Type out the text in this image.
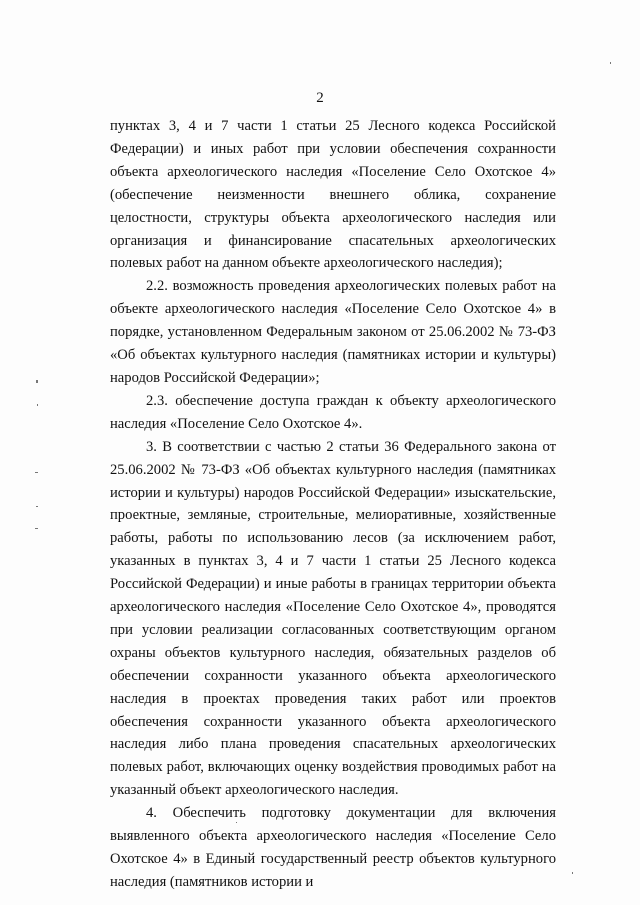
2

пунктах 3, 4 и 7 части 1 статьи 25 Лесного кодекса Российской Федерации) и иных работ при условии обеспечения сохранности объекта археологического наследия «Поселение Село Охотское 4» (обеспечение неизменности внешнего облика, сохранение целостности, структуры объекта археологического наследия или организация и финансирование спасательных археологических полевых работ на данном объекте археологического наследия);

2.2. возможность проведения археологических полевых работ на объекте археологического наследия «Поселение Село Охотское 4» в порядке, установленном Федеральным законом от 25.06.2002 № 73-ФЗ «Об объектах культурного наследия (памятниках истории и культуры) народов Российской Федерации»;

2.3. обеспечение доступа граждан к объекту археологического наследия «Поселение Село Охотское 4».

3. В соответствии с частью 2 статьи 36 Федерального закона от 25.06.2002 № 73-ФЗ «Об объектах культурного наследия (памятниках истории и культуры) народов Российской Федерации» изыскательские, проектные, земляные, строительные, мелиоративные, хозяйственные работы, работы по использованию лесов (за исключением работ, указанных в пунктах 3, 4 и 7 части 1 статьи 25 Лесного кодекса Российской Федерации) и иные работы в границах территории объекта археологического наследия «Поселение Село Охотское 4», проводятся при условии реализации согласованных соответствующим органом охраны объектов культурного наследия, обязательных разделов об обеспечении сохранности указанного объекта археологического наследия в проектах проведения таких работ или проектов обеспечения сохранности указанного объекта археологического наследия либо плана проведения спасательных археологических полевых работ, включающих оценку воздействия проводимых работ на указанный объект археологического наследия.

4. Обеспечить подготовку документации для включения выявленного объекта археологического наследия «Поселение Село Охотское 4» в Единый государственный реестр объектов культурного наследия (памятников истории и
